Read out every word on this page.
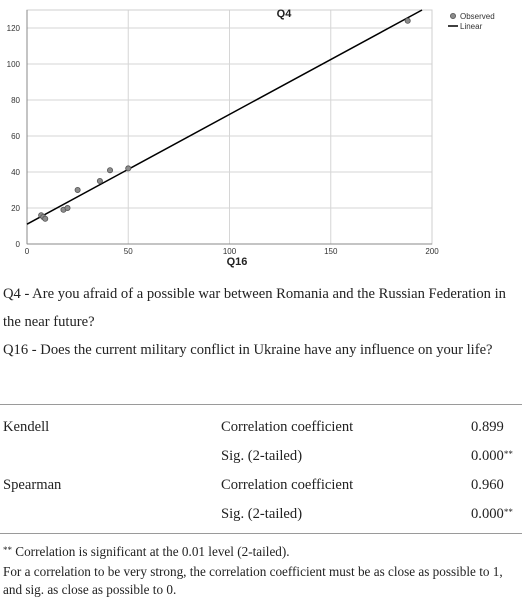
0	50	100	150	200
0
20
40
60
80
100
120
Q4
Q16
Observed
Linear

Q4 - Are you afraid of a possible war between Romania and the Russian Federation in the near future?

Q16 - Does the current military conflict in Ukraine have any influence on your life?

Kendell	Correlation coefficient	0.899
Sig. (2-tailed)	0.000**
Spearman	Correlation coefficient	0.960
Sig. (2-tailed)	0.000**

** Correlation is significant at the 0.01 level (2-tailed).

For a correlation to be very strong, the correlation coefficient must be as close as possible to 1, and sig. as close as possible to 0.
